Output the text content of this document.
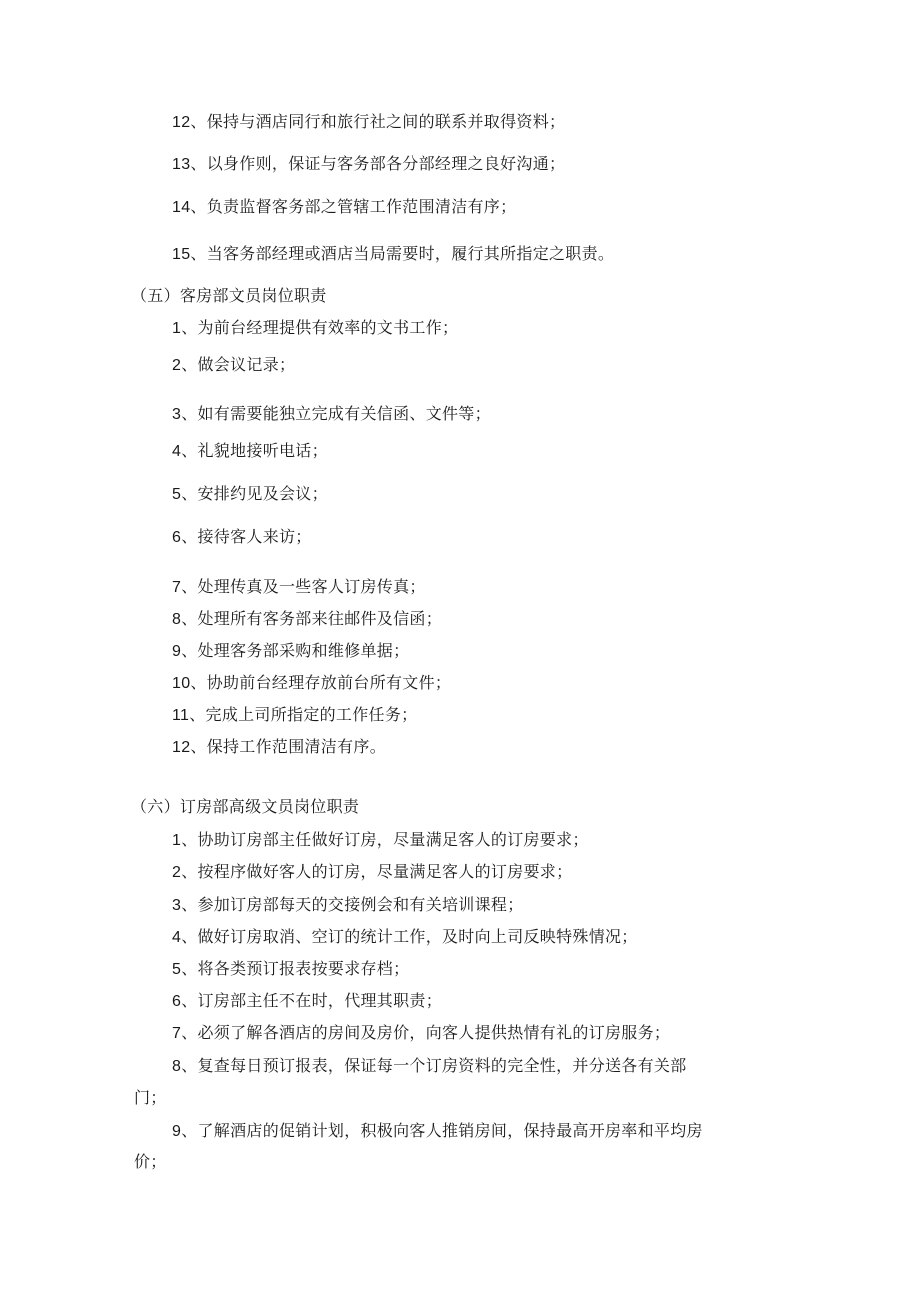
12、保持与酒店同行和旅行社之间的联系并取得资料；
13、以身作则，保证与客务部各分部经理之良好沟通；
14、负责监督客务部之管辖工作范围清洁有序；
15、当客务部经理或酒店当局需要时，履行其所指定之职责。
（五）客房部文员岗位职责
1、为前台经理提供有效率的文书工作；
2、做会议记录；
3、如有需要能独立完成有关信函、文件等；
4、礼貌地接听电话；
5、安排约见及会议；
6、接待客人来访；
7、处理传真及一些客人订房传真；
8、处理所有客务部来往邮件及信函；
9、处理客务部采购和维修单据；
10、协助前台经理存放前台所有文件；
11、完成上司所指定的工作任务；
12、保持工作范围清洁有序。
（六）订房部高级文员岗位职责
1、协助订房部主任做好订房，尽量满足客人的订房要求；
2、按程序做好客人的订房，尽量满足客人的订房要求；
3、参加订房部每天的交接例会和有关培训课程；
4、做好订房取消、空订的统计工作，及时向上司反映特殊情况；
5、将各类预订报表按要求存档；
6、订房部主任不在时，代理其职责；
7、必须了解各酒店的房间及房价，向客人提供热情有礼的订房服务；
8、复查每日预订报表，保证每一个订房资料的完全性，并分送各有关部
门；
9、了解酒店的促销计划，积极向客人推销房间，保持最高开房率和平均房
价；
